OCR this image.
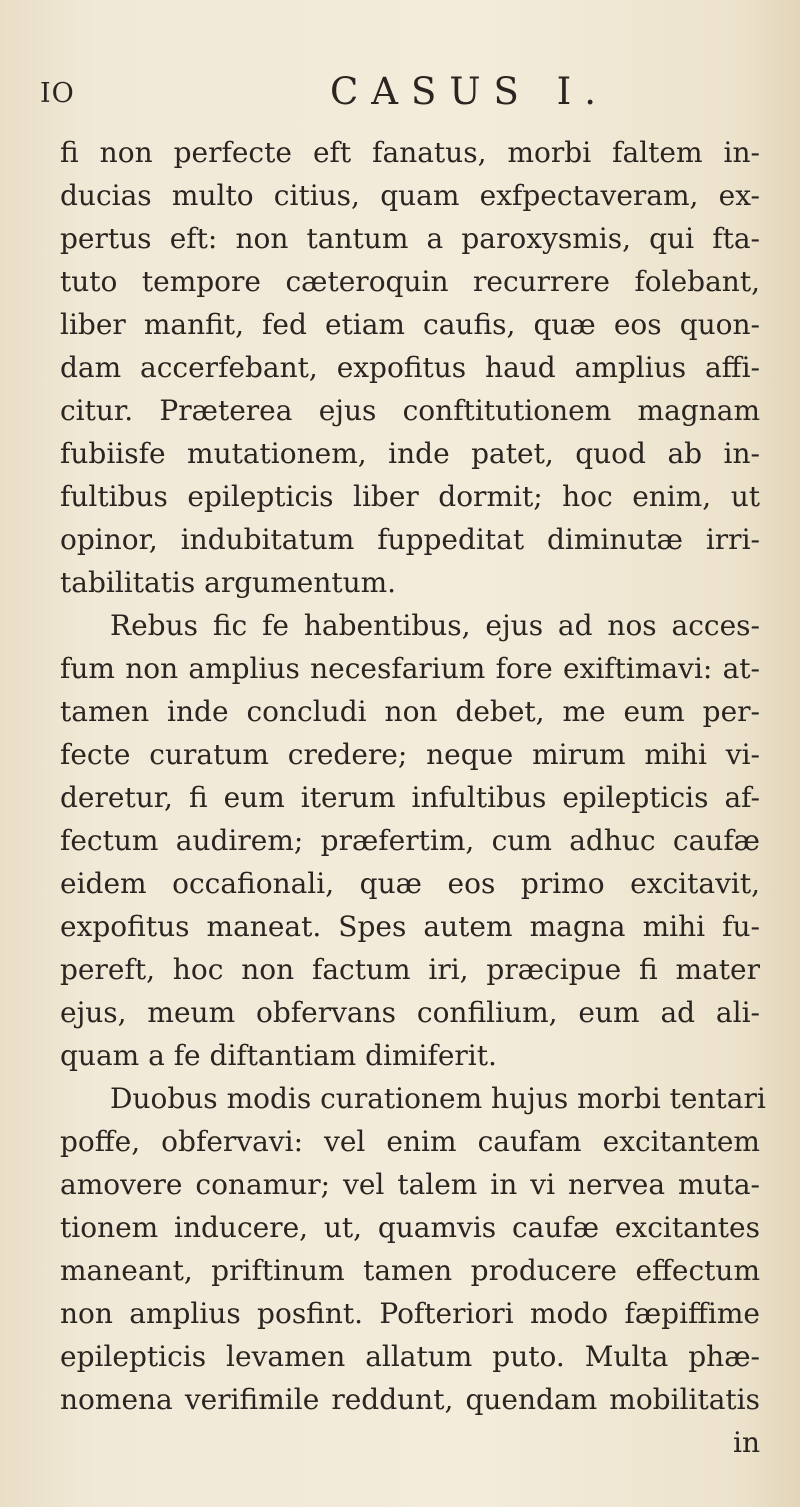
IO	CASUS I.
fi non perfecte eft fanatus, morbi faltem in-
ducias multo citius, quam exfpectaveram, ex-
pertus eft: non tantum a paroxysmis, qui fta-
tuto tempore cæteroquin recurrere folebant,
liber manfit, fed etiam caufis, quæ eos quon-
dam accerfebant, expofitus haud amplius affi-
citur. Præterea ejus conftitutionem magnam
fubiisfe mutationem, inde patet, quod ab in-
fultibus epilepticis liber dormit; hoc enim, ut
opinor, indubitatum fuppeditat diminutæ irri-
tabilitatis argumentum.
Rebus fic fe habentibus, ejus ad nos acces-
fum non amplius necesfarium fore exiftimavi: at-
tamen inde concludi non debet, me eum per-
fecte curatum credere; neque mirum mihi vi-
deretur, fi eum iterum infultibus epilepticis af-
fectum audirem; præfertim, cum adhuc caufæ
eidem occafionali, quæ eos primo excitavit,
expofitus maneat. Spes autem magna mihi fu-
pereft, hoc non factum iri, præcipue fi mater
ejus, meum obfervans confilium, eum ad ali-
quam a fe diftantiam dimiferit.
Duobus modis curationem hujus morbi tentari
poffe, obfervavi: vel enim caufam excitantem
amovere conamur; vel talem in vi nervea muta-
tionem inducere, ut, quamvis caufæ excitantes
maneant, priftinum tamen producere effectum
non amplius posfint. Pofteriori modo fæpiffime
epilepticis levamen allatum puto. Multa phæ-
nomena verifimile reddunt, quendam mobilitatis
in
